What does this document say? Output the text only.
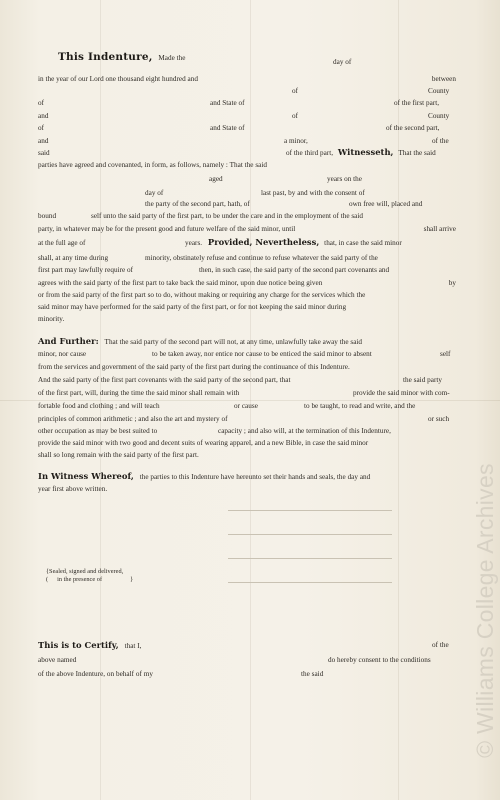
This Indenture, Made the	day of
in the year of our Lord one thousand eight hundred and	between
of	County
of	and State of	of the first part,
and	of	County
of	and State of	of the second part,
and	a minor,	of the
said	of the third part, Witnesseth, That the said
parties have agreed and covenanted, in form, as follows, namely : That the said
aged	years on the
day of	last past, by and with the consent of
the party of the second part, hath, of	own free will, placed and
bound	self unto the said party of the first part, to be under the care and in the employment of the said
party, in whatever may be for the present good and future welfare of the said minor, until	shall arrive
at the full age of	years. Provided, Nevertheless, that, in case the said minor
shall, at any time during	minority, obstinately refuse and continue to refuse whatever the said party of the
first part may lawfully require of	then, in such case, the said party of the second part covenants and
agrees with the said party of the first part to take back the said minor, upon due notice being given	by
or from the said party of the first part so to do, without making or requiring any charge for the services which the
said minor may have performed for the said party of the first part, or for not keeping the said minor during
minority.
And Further: That the said party of the second part will not, at any time, unlawfully take away the said
minor, nor cause	to be taken away, nor entice nor cause to be enticed the said minor to absent	self
from the services and government of the said party of the first part during the continuance of this Indenture.
And the said party of the first part covenants with the said party of the second part, that	the said party
of the first part, will, during the time the said minor shall remain with	provide the said minor with com-
fortable food and clothing ; and will teach	or cause	to be taught, to read and write, and the
principles of common arithmetic ; and also the art and mystery of	or such
other occupation as may be best suited to	capacity ; and also will, at the termination of this Indenture,
provide the said minor with two good and decent suits of wearing apparel, and a new Bible, in case the said minor
shall so long remain with the said party of the first part.
In Witness Whereof, the parties to this Indenture have hereunto set their hands and seals, the day and
year first above written.
{Sealed, signed and delivered,
( in the presence of	}
This is to Certify, that I,	of the
above named	do hereby consent to the conditions
of the above Indenture, on behalf of my	the said	© Williams College Archives
